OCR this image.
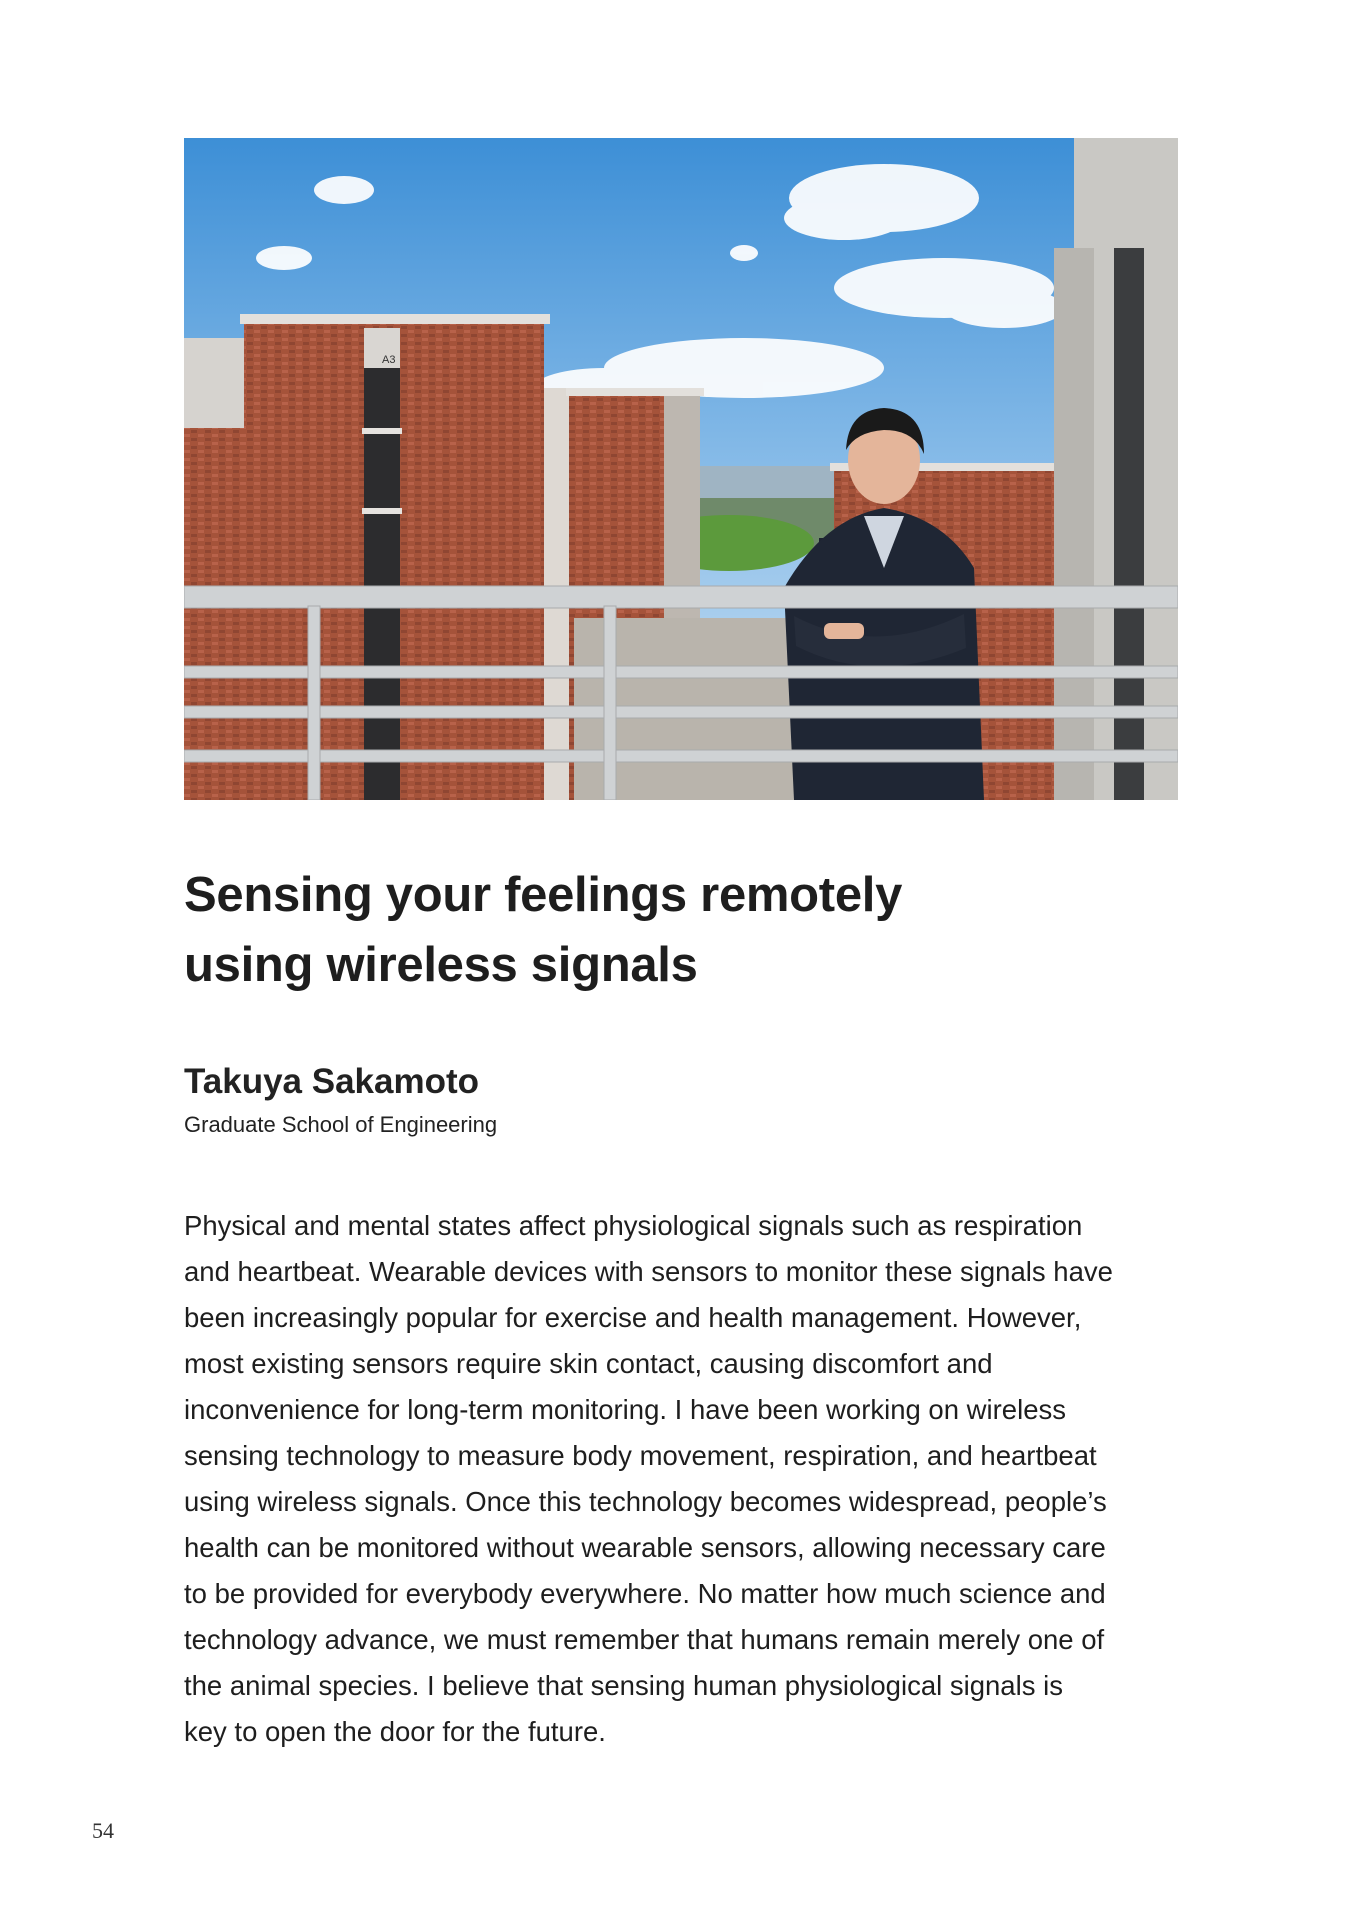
A3
Sensing your feelings remotely
using wireless signals

Takuya Sakamoto

Graduate School of Engineering

Physical and mental states affect physiological signals such as respiration
and heartbeat. Wearable devices with sensors to monitor these signals have
been increasingly popular for exercise and health management. However,
most existing sensors require skin contact, causing discomfort and
inconvenience for long-term monitoring. I have been working on wireless
sensing technology to measure body movement, respiration, and heartbeat
using wireless signals. Once this technology becomes widespread, people’s
health can be monitored without wearable sensors, allowing necessary care
to be provided for everybody everywhere. No matter how much science and
technology advance, we must remember that humans remain merely one of
the animal species. I believe that sensing human physiological signals is
key to open the door for the future.

54
